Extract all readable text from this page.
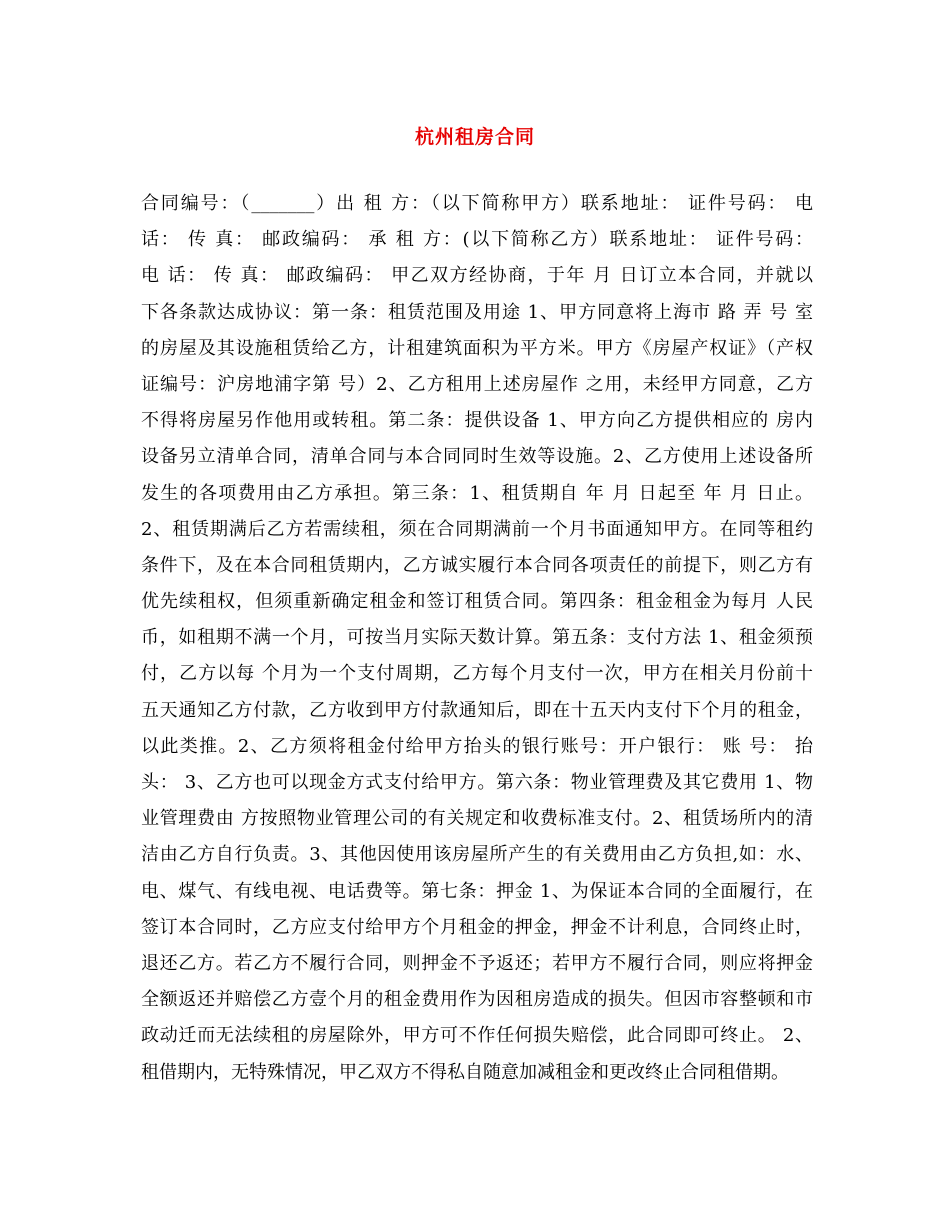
杭州租房合同
合同编号：（_______）出 租 方：（以下简称甲方）联系地址： 证件号码： 电
话： 传 真： 邮政编码： 承 租 方：(以下简称乙方）联系地址： 证件号码：
电 话： 传 真： 邮政编码： 甲乙双方经协商，于年 月 日订立本合同，并就以
下各条款达成协议：第一条：租赁范围及用途 1、甲方同意将上海市 路 弄 号 室
的房屋及其设施租赁给乙方，计租建筑面积为平方米。甲方《房屋产权证》（产权
证编号：沪房地浦字第 号）2、乙方租用上述房屋作 之用，未经甲方同意，乙方
不得将房屋另作他用或转租。第二条：提供设备 1、甲方向乙方提供相应的 房内
设备另立清单合同，清单合同与本合同同时生效等设施。2、乙方使用上述设备所
发生的各项费用由乙方承担。第三条：1、租赁期自 年 月 日起至 年 月 日止。
2、租赁期满后乙方若需续租，须在合同期满前一个月书面通知甲方。在同等租约
条件下，及在本合同租赁期内，乙方诚实履行本合同各项责任的前提下，则乙方有
优先续租权，但须重新确定租金和签订租赁合同。第四条：租金租金为每月 人民
币，如租期不满一个月，可按当月实际天数计算。第五条：支付方法 1、租金须预
付，乙方以每 个月为一个支付周期，乙方每个月支付一次，甲方在相关月份前十
五天通知乙方付款，乙方收到甲方付款通知后，即在十五天内支付下个月的租金，
以此类推。2、乙方须将租金付给甲方抬头的银行账号：开户银行： 账 号： 抬
头： 3、乙方也可以现金方式支付给甲方。第六条：物业管理费及其它费用 1、物
业管理费由 方按照物业管理公司的有关规定和收费标准支付。2、租赁场所内的清
洁由乙方自行负责。3、其他因使用该房屋所产生的有关费用由乙方负担,如：水、
电、煤气、有线电视、电话费等。第七条：押金 1、为保证本合同的全面履行，在
签订本合同时，乙方应支付给甲方个月租金的押金，押金不计利息，合同终止时，
退还乙方。若乙方不履行合同，则押金不予返还；若甲方不履行合同，则应将押金
全额返还并赔偿乙方壹个月的租金费用作为因租房造成的损失。但因市容整顿和市
政动迁而无法续租的房屋除外，甲方可不作任何损失赔偿，此合同即可终止。 2、
租借期内，无特殊情况，甲乙双方不得私自随意加减租金和更改终止合同租借期。
